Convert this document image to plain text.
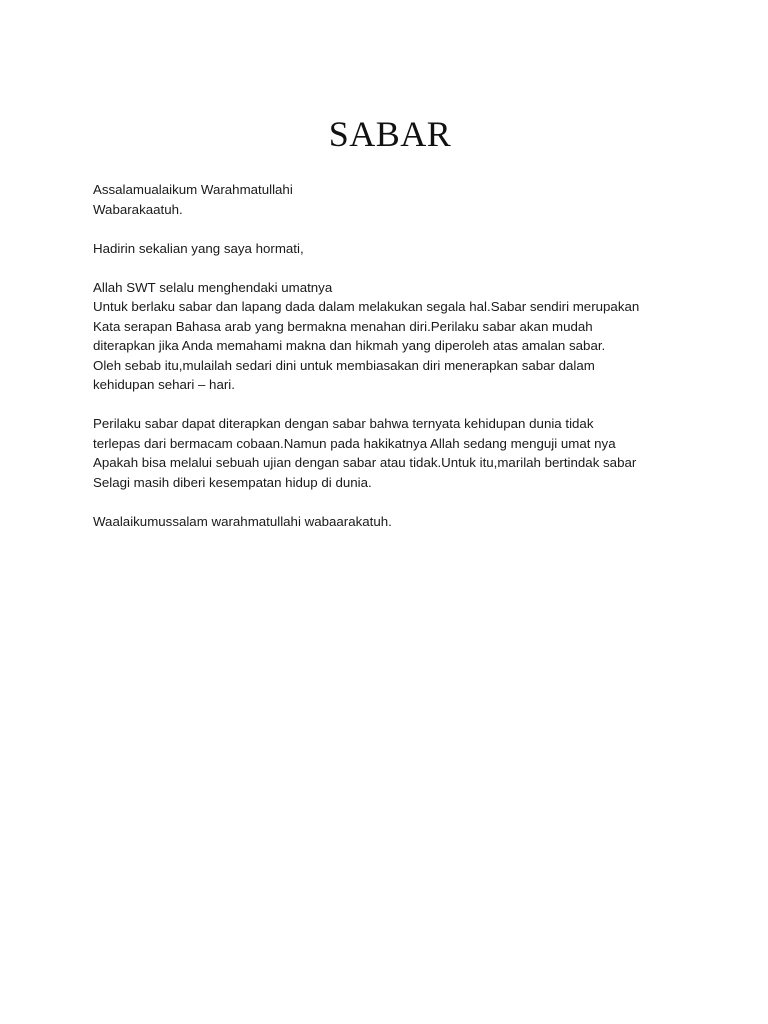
SABAR
Assalamualaikum Warahmatullahi
Wabarakaatuh.
Hadirin sekalian yang saya hormati,
Allah SWT selalu menghendaki umatnya
Untuk berlaku sabar dan lapang dada dalam melakukan segala hal.Sabar sendiri merupakan
Kata serapan Bahasa arab yang bermakna menahan diri.Perilaku sabar akan mudah
diterapkan jika Anda memahami makna dan hikmah yang diperoleh atas amalan sabar.
Oleh sebab itu,mulailah sedari dini untuk membiasakan diri menerapkan sabar dalam
kehidupan sehari – hari.
Perilaku sabar dapat diterapkan dengan sabar bahwa ternyata kehidupan dunia tidak
terlepas dari bermacam cobaan.Namun pada hakikatnya Allah sedang menguji umat nya
Apakah bisa melalui sebuah ujian dengan sabar atau tidak.Untuk itu,marilah bertindak sabar
Selagi masih diberi kesempatan hidup di dunia.
Waalaikumussalam warahmatullahi wabaarakatuh.
